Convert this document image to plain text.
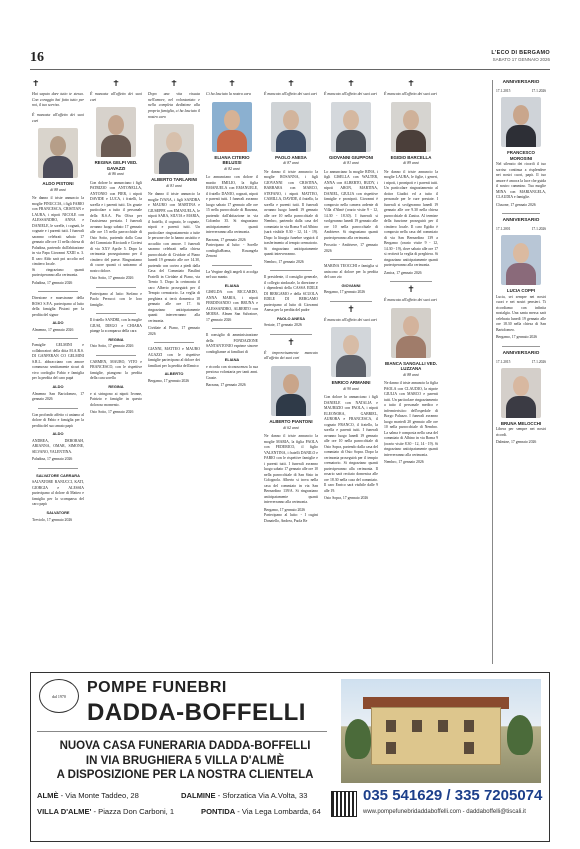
16	L'ECO DI BERGAMO
SABATO 17 GENNAIO 2026
✝
Hai saputo dare tutto te stesso. Con coraggio hai fatto tutto per noi, il tuo sorriso.
È mancata all'affetto dei suoi cari
ALDO PISTONI
di 88 anni
Ne danno il triste annuncio la moglie PINUCCIA, i figli FABIO con FRANCESCA, CRISTIAN e LAURA, i nipoti NICOLE con ALESSANDRO, ANNA e DANIELE, le sorelle, i cognati, le cognate e i parenti tutti. I funerali saranno celebrati sabato 17 gennaio alle ore 11 nella chiesa di Paladina, partendo dall'abitazione in via Papa Giovanni XXIII n. 3. Il caro Aldo sarà poi accolto nel cimitero locale.
Si ringraziano quanti parteciperanno alla cerimonia.
Paladina, 17 gennaio 2026
Direzione e maestranze della ROSO S.P.A. partecipano al lutto della famiglia Pistoni per la perdita del signor
ALDO
Almenno, 17 gennaio 2026
Famiglie GELMINI e collaboratori della ditta M.A.R.S. DI GANFERAN CO GELMINI S.R.L. abbracciano con amore commosso sentitamente sicuri di vivo cordoglio Fabio e famiglia per la perdita del caro papà
ALDO
Almenno San Bartolomeo, 17 gennaio 2026
Con profondo affetto ci uniamo al dolore di Fabio e famiglia per la perdita del suo amato papà
ALDO
ANDREA, DEBORAH, ARIANNA, OMAR, SIMONE, SILVANO, VALENTINA.
Paladina, 17 gennaio 2026
SALVATORE CARRARA
SALVATORE RANUCCI, KATI, GIORGIA e ALESSIA partecipano al dolore di Matteo e famiglia per la scomparsa del caro papà
SALVATORE
Treviolo, 17 gennaio 2026
✝
È mancata all'affetto dei suoi cari
REGINA GELPI VED. GAVAZZI
di 86 anni
Con dolore lo annunciano i figli PATRIZIO con ANTONELLA, ANTONIO con PIER, i nipoti DAVIDE e LUCA, i fratelli, la sorella e i parenti tutti. Un grazie particolare a tutto il personale della R.S.A. Pia Oliva per l'assistenza prestata. I funerali avranno luogo sabato 17 gennaio alle ore 15 nella parrocchiale di Osio Sotto, partendo dalla Casa del Commiato Ricciardi e Cortesi di via XXV Aprile 5. Dopo la cerimonia proseguiranno per il cimitero del paese. Ringraziamo di cuore quanti ci uniranno al nostro dolore.
Osio Sotto, 17 gennaio 2026
Partecipano al lutto: Stefano e Paolo Perrucci con le loro famiglie.
Il fratello SANDRI, con la moglie GIUSI, DIEGO e CHIARA piange la scomparsa della cara
REGINA
Osio Sotto, 17 gennaio 2026
CARMEN, MAURO, VITO e FRANCESCO, con le rispettive famiglie, piangono la perdita della cara sorella
REGINA
e si stringono ai nipoti Ivonne, Patrizio e famiglie in questo doloroso momento.
Osio Sotto, 17 gennaio 2026
✝
Dopo una vita vissuta nell'amore, nel volontariato e nella completa dedizione alla propria famiglia, ci ha lasciato il nostro caro
ALBERTO TARLARINI
di 81 anni
Ne danno il triste annuncio la moglie IVANA, i figli SANDRA e MAURO con MARTINA e GIUSEPPE con EMANUELA, le nipoti SARA, SILVIA e MARIA, il fratello, il cognato, le cognate, nipoti e parenti tutti. Un particolare ringraziamento a tutte le persone che lo hanno assistito e accudito con amore. I funerali saranno celebrati nella chiesa parrocchiale di Cividate al Piano lunedì 19 gennaio alle ore 14.30, partendo con corteo a piedi dalla Casa del Commiato Basilini Fratelli in Cividate al Piano, via Trento 5. Dopo la cerimonia il caro Alberto proseguirà per il Tempio crematorio. La veglia di preghiera si terrà domenica 18 gennaio alle ore 17. Si ringraziano anticipatamente quanti interverranno alla cerimonia.
Cividate al Piano, 17 gennaio 2026
GIANNI, MATTEO e MAURO AGAZZI con le rispettive famiglie partecipano al dolore dei familiari per la perdita dell'amico
ALBERTO
Bergamo, 17 gennaio 2026
✝
Ci ha lasciato la nostra cara
ELIANA CITERIO BELUSSI
di 82 anni
Lo annunciano con dolore il marito EMILIO, la figlia EMANUELA con EMANUELE, il fratello DANIO, cognati, nipoti e parenti tutti. I funerali avranno luogo sabato 17 gennaio alle ore 15 nella parrocchiale di Barzana, partendo dall'abitazione in via Colombo 35. Si ringraziano anticipatamente quanti interverranno alla cerimonia.
Barzana, 17 gennaio 2026
Partecipano al lutto: - Sorelle condogliaRoma, Rosangela Zenoni
La Vergine degli angeli ti accolga nel suo manto.
ELIANA
GISELDA con RICCARDO, ANNA MARIA, i nipoti FERDINANDO con BRUNA e ALESSANDRO, ALBERTO con MOIRA. Almen San Salvatore, 17 gennaio 2026
Il consiglio di amministrazione della FONDAZIONE SANTANTONIO esprime sincere condoglianze ai familiari di
ELIANA
e ricorda con riconoscenza la sua preziosa volontaria per tanti anni. Grazie.
Barzana, 17 gennaio 2026
✝
È mancato all'affetto dei suoi cari
PAOLO ANESA
di 87 anni
Ne danno il triste annuncio la moglie ROSANNA, i figli GIOVANNI con CRISTINA, BARBARA con MARCO, STEFANO, i nipoti MATTEO, CAMILLA, DAVIDE, il fratello, la sorella e parenti tutti. Il funerali avranno luogo lunedì 19 gennaio alle ore 10 nella parrocchiale di Nembro, partendo dalla casa del commiato in via Roma 9 ad Albino (sarà visibile 8.30 - 12, 14 - 19). Dopo la liturgia funebre seguirà il trasferimento al tempio crematorio. Si ringraziano anticipatamente quanti interverranno.
Nembro, 17 gennaio 2026
Il presidente, il consiglio generale, il collegio sindacale, la direzione e i dipendenti della CASSA EDILE DI BERGAMO e della SCUOLA EDILE DI BERGAMO partecipano al lutto di Giovanni Anesa per la perdita del padre
PAOLO ANESA
Seriate, 17 gennaio 2026
✝
È improvvisamente mancato all'affetto dei suoi cari
ALBERTO PIANTONI
di 62 anni
Ne danno il triste annuncio la moglie MARIA, la figlia PAOLA con FEDERICO, il figlio VALENTINA, i fratelli DANILO e FABIO con le rispettive famiglie e i parenti tutti. I funerali avranno luogo sabato 17 gennaio alle ore 10 nella parrocchiale di San Sisto in Colognola. Alberto si trova nella casa del commiato in via San Bernardino 139/A. Si ringraziano anticipatamente quanti interverranno alla cerimonia.
Bergamo, 17 gennaio 2026
Partecipano al lutto: - I cugini Donatello, Andrea, Paola Re
✝
È mancato all'affetto dei suoi cari
GIOVANNI GIUPPONI
di 81 anni
Lo annunciano la moglie RINA, i figli GISELLA con WALTER, ANNA con ALBERTO, RUDY, i nipoti ARON, MARTINA, DANIEL, GIULIA con rispettive famiglie e pronipoti. Giovanni è composto nella camera ardente di Villa d'Almè (orario visite 9 - 12, 14.30 - 18.30). I funerali si svolgeranno lunedì 19 gennaio alle ore 10 nella parrocchiale di Ambivere. Si ringraziano quanti parteciperanno alla cerimonia.
Prosotto - Ambivere, 17 gennaio 2026
MARINA TEOCCHI e famiglia si uniscono al dolore per la perdita del caro zio
GIOVANNI
Bergamo, 17 gennaio 2026
✝
È mancato all'affetto dei suoi cari
ENRICO ARMANNI
di 90 anni
Con dolore lo annunciano i figli DANIELE con NATALIA e MAURIZIO con PAOLA, i nipoti ELEONORA, GABRIEL, AURORA e FRANCESCA, il cognato FRANCO, il fratello, la sorella e parenti tutti. I funerali avranno luogo lunedì 19 gennaio alle ore 10 nella parrocchiale di Osio Sopra, partendo dalla casa del commiato di Osio Sopra. Dopo la cerimonia proseguirà per il tempio crematorio. Si ringraziano quanti parteciperanno alla cerimonia. Il rosario sarà recitato domenica alle ore 18.30 nella casa del commiato. Il caro Enrico sarà visibile dalle 9 alle 19.
Osio Sopra, 17 gennaio 2026
✝
È mancato all'affetto dei suoi cari
EGIDIO BARCELLA
di 89 anni
Ne danno il triste annuncio la moglie LAURA, le figlie, i generi, i nipoti, i pronipoti e i parenti tutti. Un particolare ringraziamento al dottor Giudici ed a tutto il personale per le cure prestate. I funerali si svolgeranno lunedì 19 gennaio alle ore 9.30 nella chiesa parrocchiale di Zanica. Al termine della funzione proseguirà per il cimitero locale. Il caro Egidio è composto nella casa del commiato di via San Bernardino 139 a Bergamo (orario visite 9 - 12, 14.30 - 19), dove sabato alle ore 17 si reciterà la veglia di preghiera. Si ringraziano anticipatamente quanti parteciperanno alla cerimonia.
Zanica, 17 gennaio 2026
✝
È mancata all'affetto dei suoi cari
BIANCA SANGALLI VED. LUZZANA
di 88 anni
Ne danno il triste annuncio la figlia PAOLA con CLAUDIO, la nipote GIULIA con MARCO e parenti tutti. Un particolare ringraziamento a tutto il personale medico e infermieristico dell'ospedale di Borgo Palazzo. I funerali avranno luogo martedì 20 gennaio alle ore 10 nella parrocchiale di Nembro. La salma è composta nella casa del commiato di Albino in via Roma 9 (orario visite 8.30 - 12, 14 - 19). Si ringraziano anticipatamente quanti interverranno alla cerimonia.
Nembro, 17 gennaio 2026
ANNIVERSARIO
17.1.2015	17.1.2026
FRANCESCO MOROSINI
Nel silenzio dei ricordi il tuo sorriso continua a risplendere nei nostri cuori, papà. Il tuo amore è ancora la luce che guida il nostro cammino. Tua moglie MINA con MARIANGELA, CLAUDIA e famiglie.
Clusone, 17 gennaio 2026
ANNIVERSARIO
17.1.2001	17.1.2026
LUCIA COPPI
Lucia, sei sempre nei nostri cuori e nei nostri pensieri. Ti ricordiamo con infinita nostalgia. Una santa messa sarà celebrata lunedì 19 gennaio alle ore 18.30 nella chiesa di San Bartolomeo.
Bergamo, 17 gennaio 2026
ANNIVERSARIO
17.1.2015	17.1.2026
BRUNA MELOCCHI
Libera per sempre nei nostri ricordi.
Dalmine, 17 gennaio 2026
dal 1970
POMPE FUNEBRI
DADDA-BOFFELLI
NUOVA CASA FUNERARIA DADDA-BOFFELLI
IN VIA BRUGHIERA 5 VILLA D'ALMÈ
A DISPOSIZIONE PER LA NOSTRA CLIENTELA
ALMÈ - Via Monte Taddeo, 28	DALMINE - Sforzatica Via A.Volta, 33
VILLA D'ALME' - Piazza Don Carboni, 1	PONTIDA - Via Lega Lombarda, 64
035 541629 / 335 7205074
www.pompefunebridaddaboffelli.com - daddaboffelli@tiscali.it
